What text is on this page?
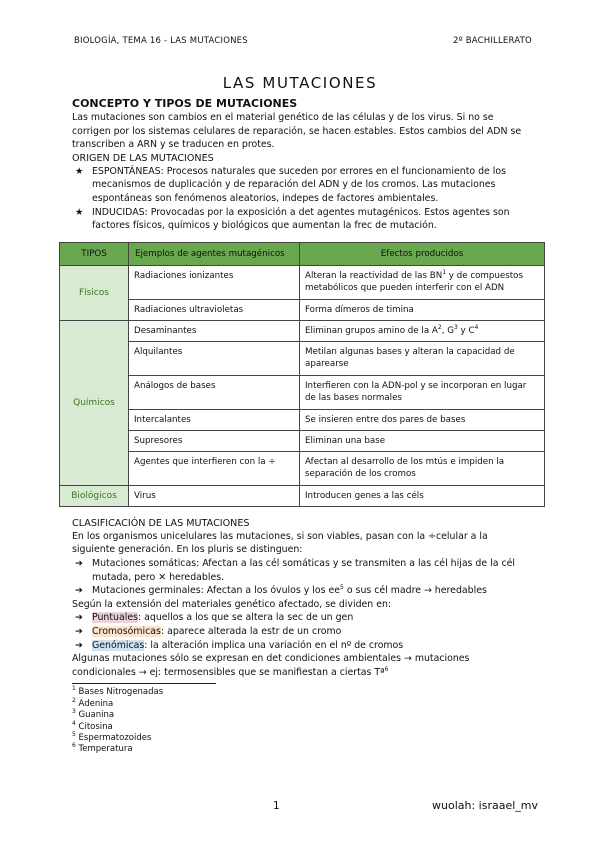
BIOLOGÍA, TEMA 16 - LAS MUTACIONES	2º BACHILLERATO
LAS MUTACIONES
CONCEPTO Y TIPOS DE MUTACIONES

Las mutaciones son cambios en el material genético de las células y de los virus. Si no se corrigen por los sistemas celulares de reparación, se hacen estables. Estos cambios del ADN se transcriben a ARN y se traducen en protes.

ORIGEN DE LAS MUTACIONES

★ ESPONTÁNEAS: Procesos naturales que suceden por errores en el funcionamiento de los mecanismos de duplicación y de reparación del ADN y de los cromos. Las mutaciones espontáneas son fenómenos aleatorios, indepes de factores ambientales.
★ INDUCIDAS: Provocadas por la exposición a det agentes mutagénicos. Estos agentes son factores físicos, químicos y biológicos que aumentan la frec de mutación.
TIPOS	Ejemplos de agentes mutagénicos	Efectos producidos
Físicos	Radiaciones ionizantes	Alteran la reactividad de las $BN^1$ y de compuestos metabólicos que pueden interferir con el ADN
	Radiaciones ultravioletas	Forma dímeros de timina
Químicos	Desaminantes	Eliminan grupos amino de la $A^2$, $G^3$ y $C^4$
	Alquilantes	Metilan algunas bases y alteran la capacidad de aparearse
	Análogos de bases	Interfieren con la ADN-pol y se incorporan en lugar de las bases normales
	Intercalantes	Se insieren entre dos pares de bases
	Supresores	Eliminan una base
	Agentes que interfieren con la ÷	Afectan al desarrollo de los mtús e impiden la separación de los cromos
Biológicos	Virus	Introducen genes a las céls

CLASIFICACIÓN DE LAS MUTACIONES

En los organismos unicelulares las mutaciones, si son viables, pasan con la ÷celular a la siguiente generación. En los pluris se distinguen:

➔ Mutaciones somáticas: Afectan a las cél somáticas y se transmiten a las cél hijas de la cél mutada, pero ✕ heredables.
➔ Mutaciones germinales: Afectan a los óvulos y los $ee^5$ o sus cél madre → heredables

Según la extensión del materiales genético afectado, se dividen en:

➔ Puntuales: aquellos a los que se altera la sec de un gen
➔ Cromosómicas: aparece alterada la estr de un cromo
➔ Genómicas: la alteración implica una variación en el nº de cromos

Algunas mutaciones sólo se expresan en det condiciones ambientales → mutaciones condicionales → ej: termosensibles que se manifiestan a ciertas Tª$^6$

$^1$ Bases Nitrogenadas
$^2$ Adenina
$^3$ Guanina
$^4$ Citosina
$^5$ Espermatozoides
$^6$ Temperatura
1	wuolah: israael_mv
